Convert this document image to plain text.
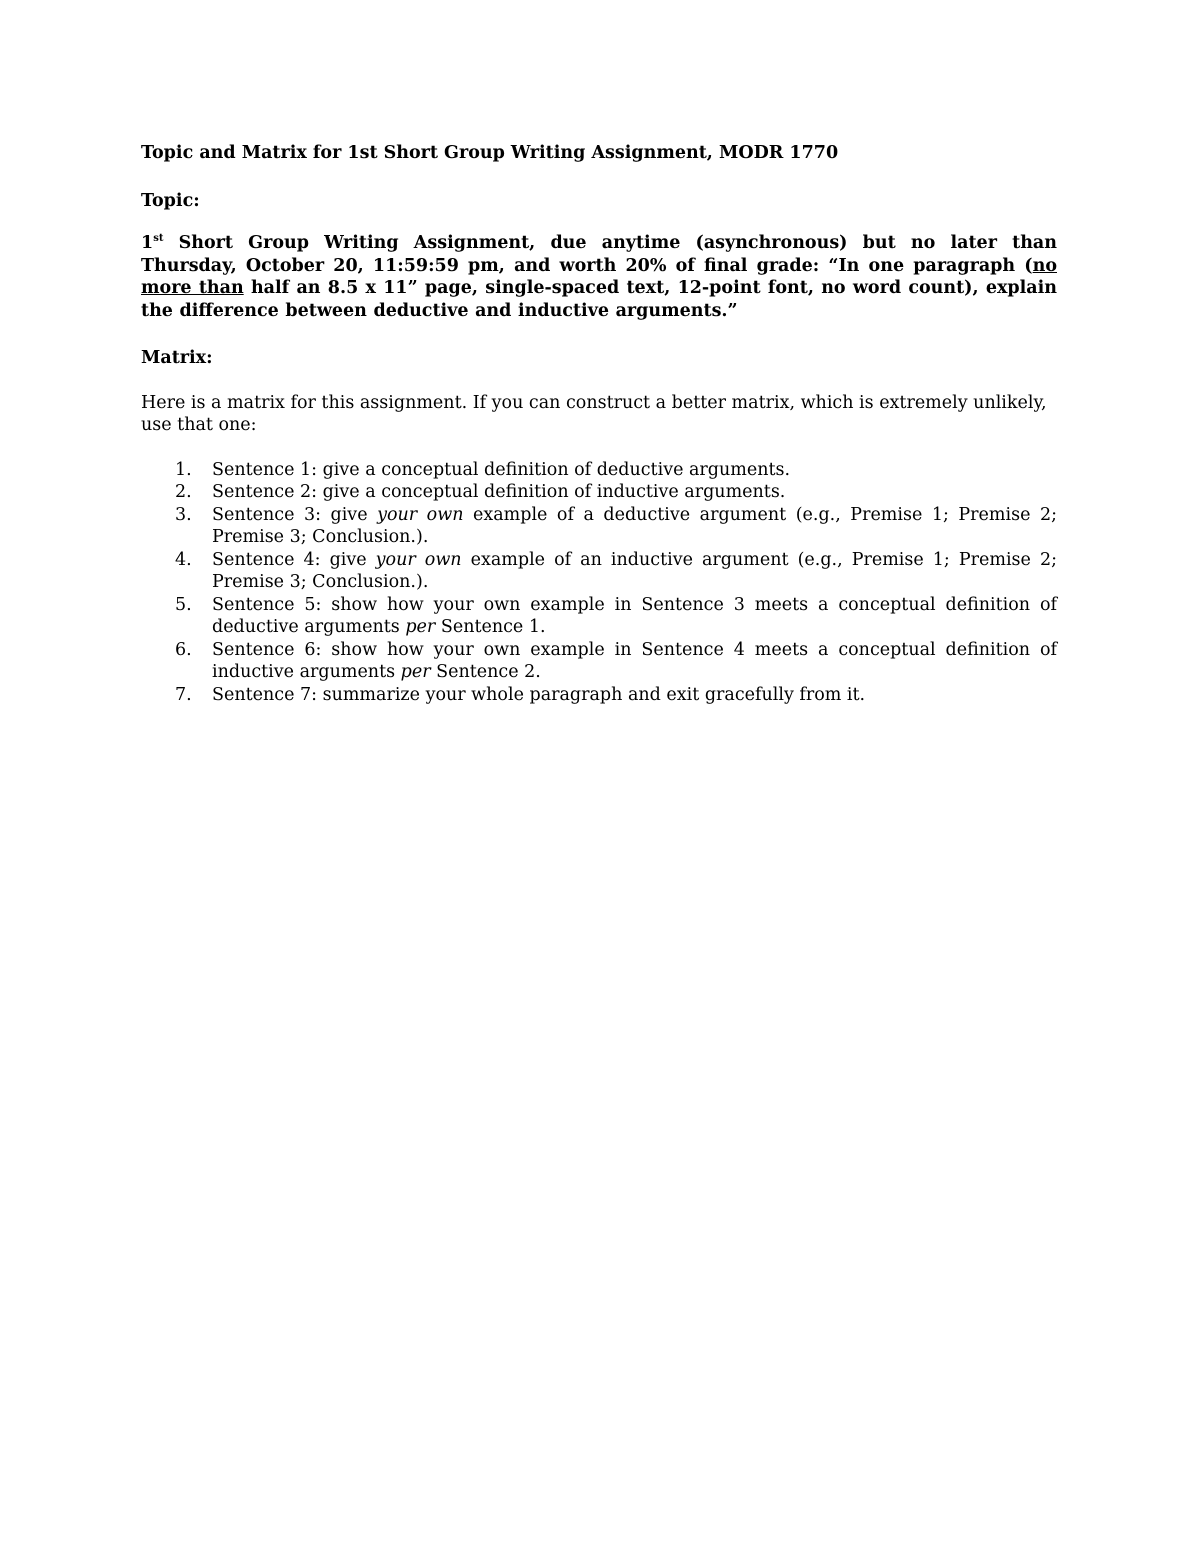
Topic and Matrix for 1st Short Group Writing Assignment, MODR 1770

Topic:

1st Short Group Writing Assignment, due anytime (asynchronous) but no later than Thursday, October 20, 11:59:59 pm, and worth 20% of final grade: “In one paragraph (no more than half an 8.5 x 11” page, single-spaced text, 12-point font, no word count), explain the difference between deductive and inductive arguments.”

Matrix:

Here is a matrix for this assignment. If you can construct a better matrix, which is extremely unlikely, use that one:

1. Sentence 1: give a conceptual definition of deductive arguments.
2. Sentence 2: give a conceptual definition of inductive arguments.
3. Sentence 3: give your own example of a deductive argument (e.g., Premise 1; Premise 2; Premise 3; Conclusion.).
4. Sentence 4: give your own example of an inductive argument (e.g., Premise 1; Premise 2; Premise 3; Conclusion.).
5. Sentence 5: show how your own example in Sentence 3 meets a conceptual definition of deductive arguments per Sentence 1.
6. Sentence 6: show how your own example in Sentence 4 meets a conceptual definition of inductive arguments per Sentence 2.
7. Sentence 7: summarize your whole paragraph and exit gracefully from it.
